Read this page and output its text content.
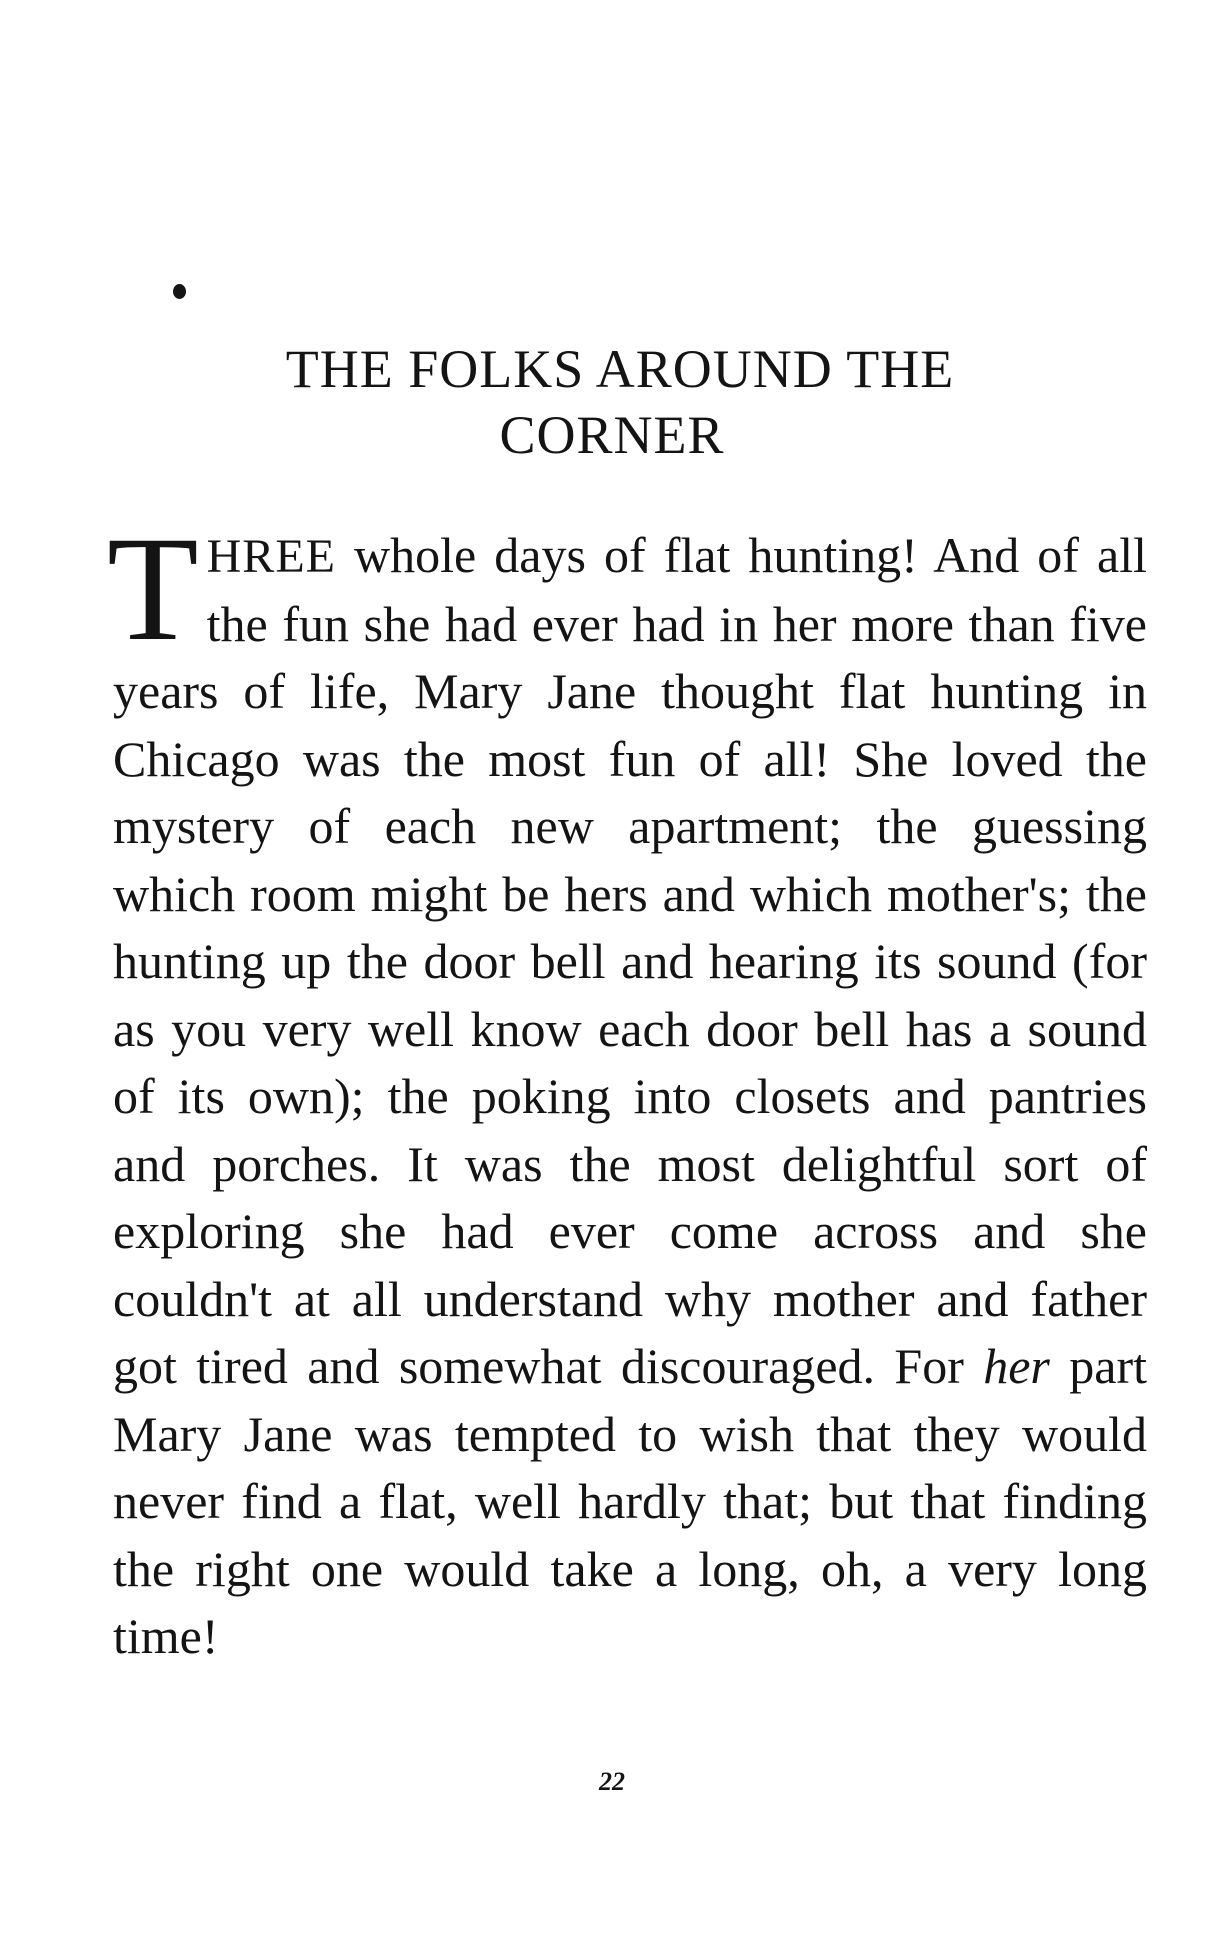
THE FOLKS AROUND THE
CORNER

THREE whole days of flat hunting! And of all the fun she had ever had in her more than five years of life, Mary Jane thought flat hunting in Chicago was the most fun of all! She loved the mystery of each new apartment; the guessing which room might be hers and which mother's; the hunting up the door bell and hearing its sound (for as you very well know each door bell has a sound of its own); the poking into closets and pantries and porches. It was the most delightful sort of exploring she had ever come across and she couldn't at all understand why mother and father got tired and somewhat discouraged. For her part Mary Jane was tempted to wish that they would never find a flat, well hardly that; but that finding the right one would take a long, oh, a very long time!

22
